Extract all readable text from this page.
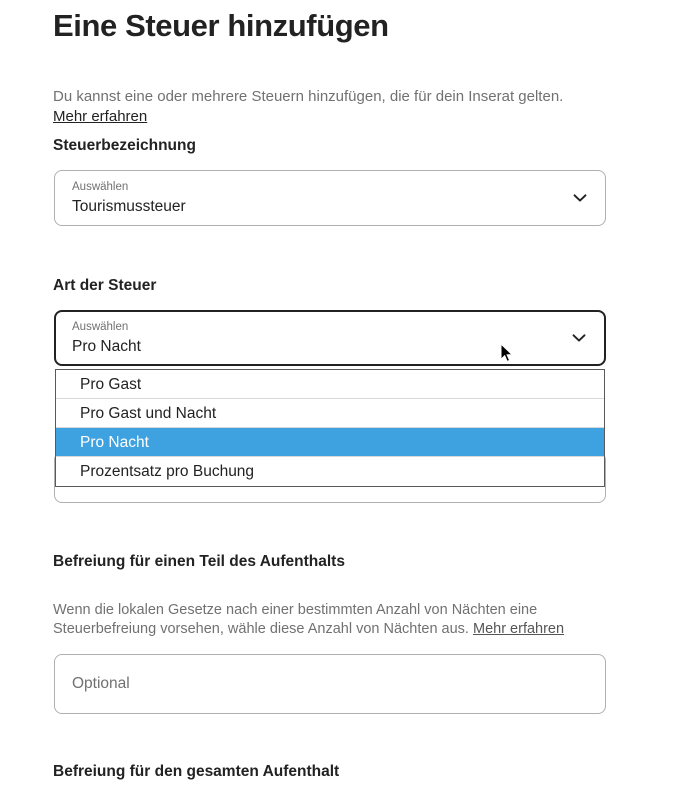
Eine Steuer hinzufügen

Du kannst eine oder mehrere Steuern hinzufügen, die für dein Inserat gelten. Mehr erfahren

Steuerbezeichnung
Auswählen
Tourismussteuer
Art der Steuer
Auswählen
Pro Nacht
Pro Gast
Pro Gast und Nacht
Pro Nacht
Prozentsatz pro Buchung
Befreiung für einen Teil des Aufenthalts

Wenn die lokalen Gesetze nach einer bestimmten Anzahl von Nächten eine Steuerbefreiung vorsehen, wähle diese Anzahl von Nächten aus. Mehr erfahren

Optional
Befreiung für den gesamten Aufenthalt
